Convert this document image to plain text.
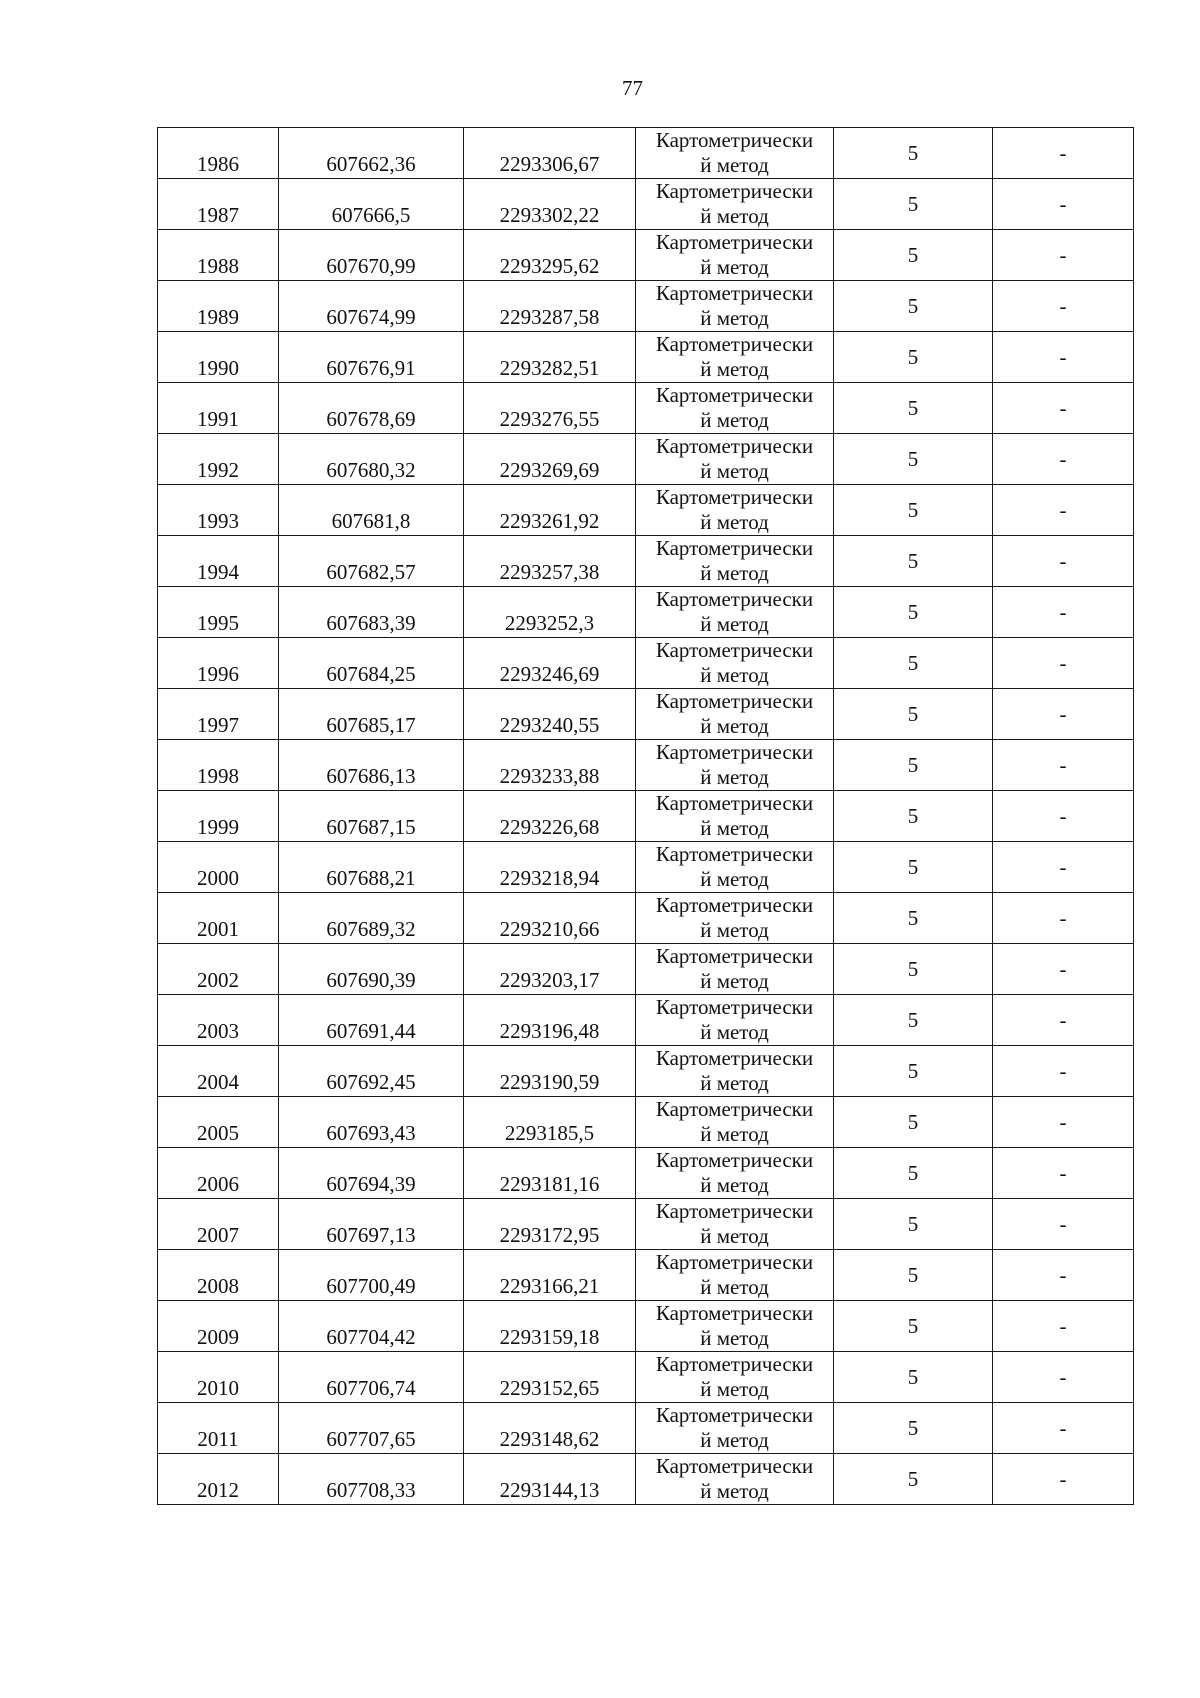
77
1986	607662,36	2293306,67	Картометрически
й метод	5	-

1987	607666,5	2293302,22	Картометрически
й метод	5	-

1988	607670,99	2293295,62	Картометрически
й метод	5	-

1989	607674,99	2293287,58	Картометрически
й метод	5	-

1990	607676,91	2293282,51	Картометрически
й метод	5	-

1991	607678,69	2293276,55	Картометрически
й метод	5	-

1992	607680,32	2293269,69	Картометрически
й метод	5	-

1993	607681,8	2293261,92	Картометрически
й метод	5	-

1994	607682,57	2293257,38	Картометрически
й метод	5	-

1995	607683,39	2293252,3	Картометрически
й метод	5	-

1996	607684,25	2293246,69	Картометрически
й метод	5	-

1997	607685,17	2293240,55	Картометрически
й метод	5	-

1998	607686,13	2293233,88	Картометрически
й метод	5	-

1999	607687,15	2293226,68	Картометрически
й метод	5	-

2000	607688,21	2293218,94	Картометрически
й метод	5	-

2001	607689,32	2293210,66	Картометрически
й метод	5	-

2002	607690,39	2293203,17	Картометрически
й метод	5	-

2003	607691,44	2293196,48	Картометрически
й метод	5	-

2004	607692,45	2293190,59	Картометрически
й метод	5	-

2005	607693,43	2293185,5	Картометрически
й метод	5	-

2006	607694,39	2293181,16	Картометрически
й метод	5	-

2007	607697,13	2293172,95	Картометрически
й метод	5	-

2008	607700,49	2293166,21	Картометрически
й метод	5	-

2009	607704,42	2293159,18	Картометрически
й метод	5	-

2010	607706,74	2293152,65	Картометрически
й метод	5	-

2011	607707,65	2293148,62	Картометрически
й метод	5	-

2012	607708,33	2293144,13	Картометрически
й метод	5	-
